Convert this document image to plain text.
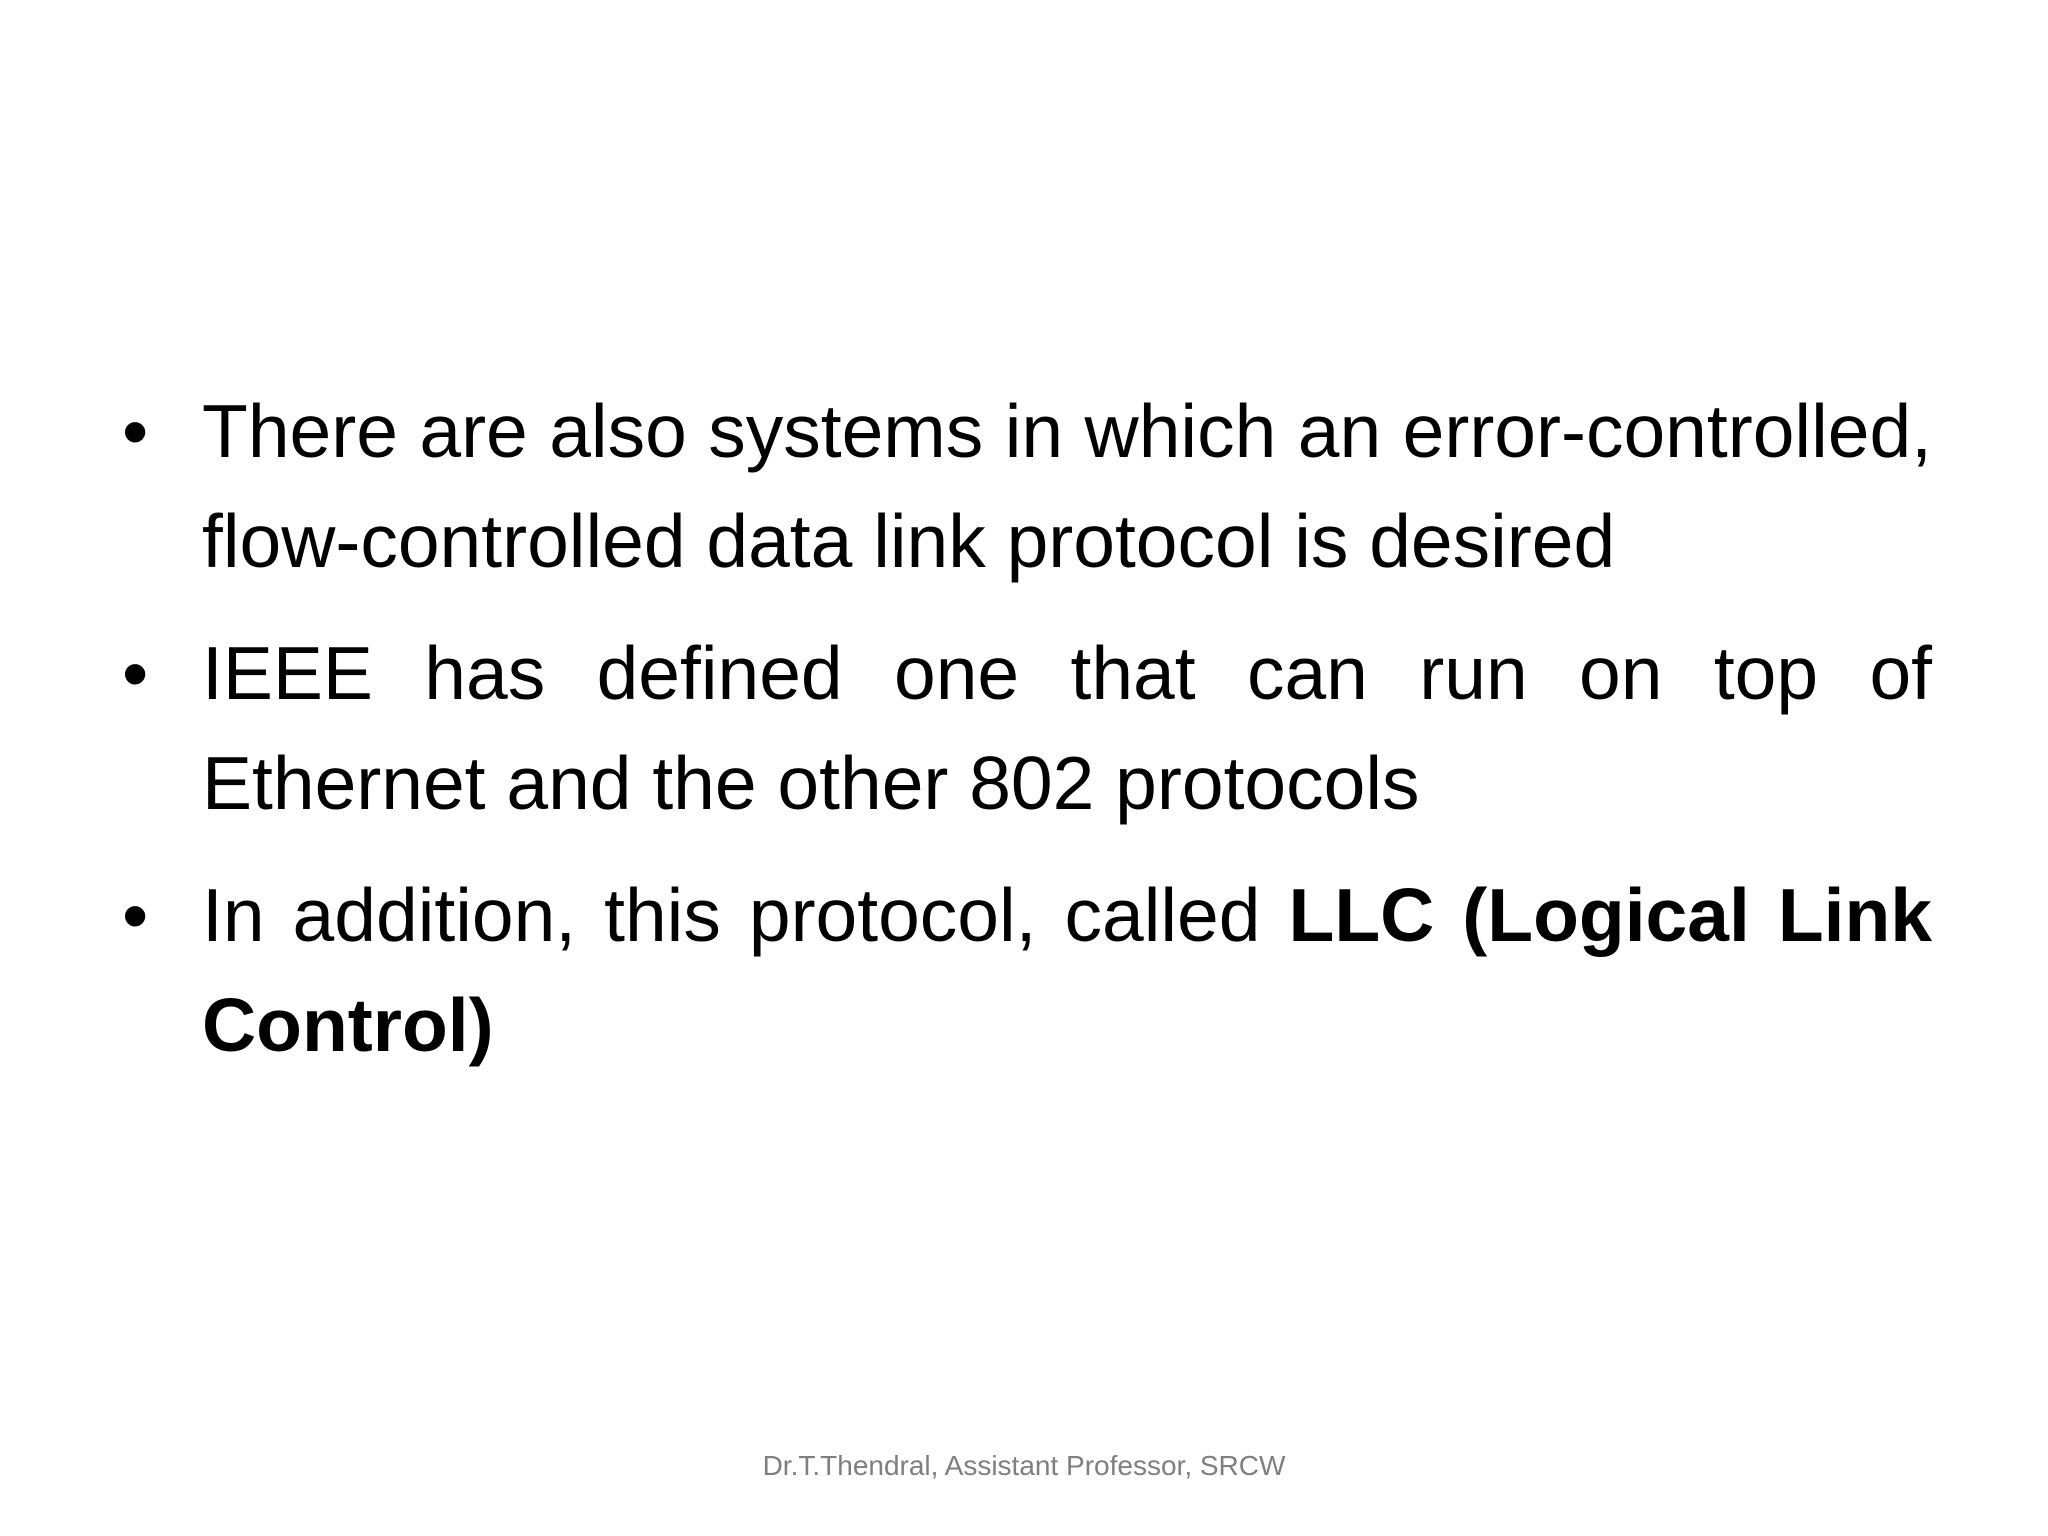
• There are also systems in which an error-controlled, flow-controlled data link protocol is desired
• IEEE has defined one that can run on top of Ethernet and the other 802 protocols
• In addition, this protocol, called LLC (Logical Link Control)
Dr.T.Thendral, Assistant Professor, SRCW
